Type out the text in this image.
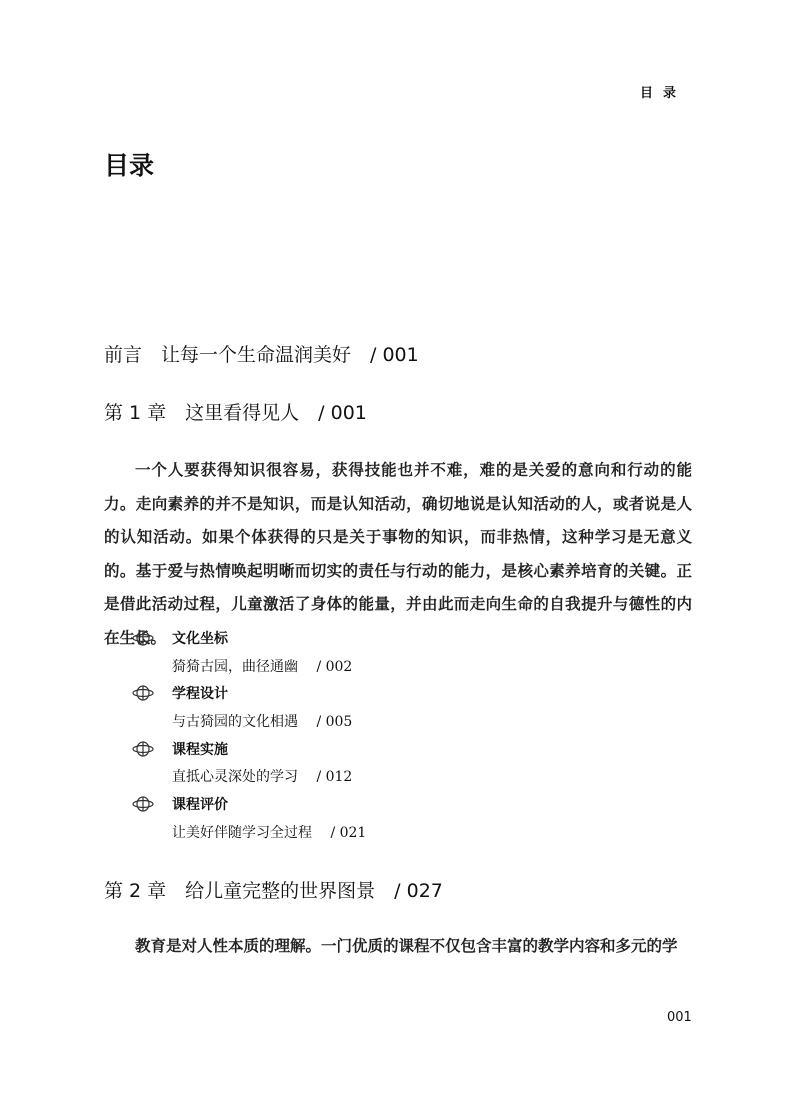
目录
目录
前言　让每一个生命温润美好　/ 001
第 1 章　这里看得见人　/ 001
一个人要获得知识很容易，获得技能也并不难，难的是关爱的意向和行动的能力。走向素养的并不是知识，而是认知活动，确切地说是认知活动的人，或者说是人的认知活动。如果个体获得的只是关于事物的知识，而非热情，这种学习是无意义的。基于爱与热情唤起明晰而切实的责任与行动的能力，是核心素养培育的关键。正是借此活动过程，儿童激活了身体的能量，并由此而走向生命的自我提升与德性的内在生长。 文化坐标
猗猗古园，曲径通幽　 / 002
学程设计
与古猗园的文化相遇　 / 005
课程实施
直抵心灵深处的学习　 / 012
课程评价
让美好伴随学习全过程　 / 021
第 2 章　给儿童完整的世界图景　/ 027
教育是对人性本质的理解。一门优质的课程不仅包含丰富的教学内容和多元的学
001
